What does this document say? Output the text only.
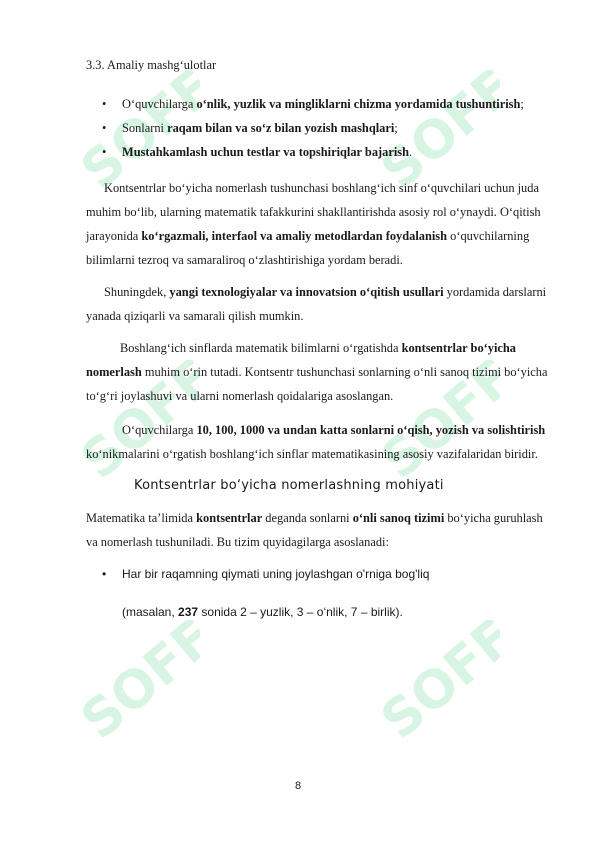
SOFF	SOFF
SOFF	SOFF
SOFF	SOFF
3.3. Amaliy mashg‘ulotlar
• O‘quvchilarga o‘nlik, yuzlik va mingliklarni chizma yordamida tushuntirish;
• Sonlarni raqam bilan va so‘z bilan yozish mashqlari;
• Mustahkamlash uchun testlar va topshiriqlar bajarish.

Kontsentrlar bo‘yicha nomerlash tushunchasi boshlang‘ich sinf o‘quvchilari uchun juda muhim bo‘lib, ularning matematik tafakkurini shakllantirishda asosiy rol o‘ynaydi. O‘qitish jarayonida ko‘rgazmali, interfaol va amaliy metodlardan foydalanish o‘quvchilarning bilimlarni tezroq va samaraliroq o‘zlashtirishiga yordam beradi.

Shuningdek, yangi texnologiyalar va innovatsion o‘qitish usullari yordamida darslarni yanada qiziqarli va samarali qilish mumkin.

Boshlang‘ich sinflarda matematik bilimlarni o‘rgatishda kontsentrlar bo‘yicha nomerlash muhim o‘rin tutadi. Kontsentr tushunchasi sonlarning o‘nli sanoq tizimi bo‘yicha to‘g‘ri joylashuvi va ularni nomerlash qoidalariga asoslangan.

O‘quvchilarga 10, 100, 1000 va undan katta sonlarni o‘qish, yozish va solishtirish ko‘nikmalarini o‘rgatish boshlang‘ich sinflar matematikasining asosiy vazifalaridan biridir.

Kontsentrlar bo‘yicha nomerlashning mohiyati

Matematika ta’limida kontsentrlar deganda sonlarni o‘nli sanoq tizimi bo‘yicha guruhlash va nomerlash tushuniladi. Bu tizim quyidagilarga asoslanadi:

• Har bir raqamning qiymati uning joylashgan o'rniga bog'liq
(masalan, 237 sonida 2 – yuzlik, 3 – o‘nlik, 7 – birlik).
8
